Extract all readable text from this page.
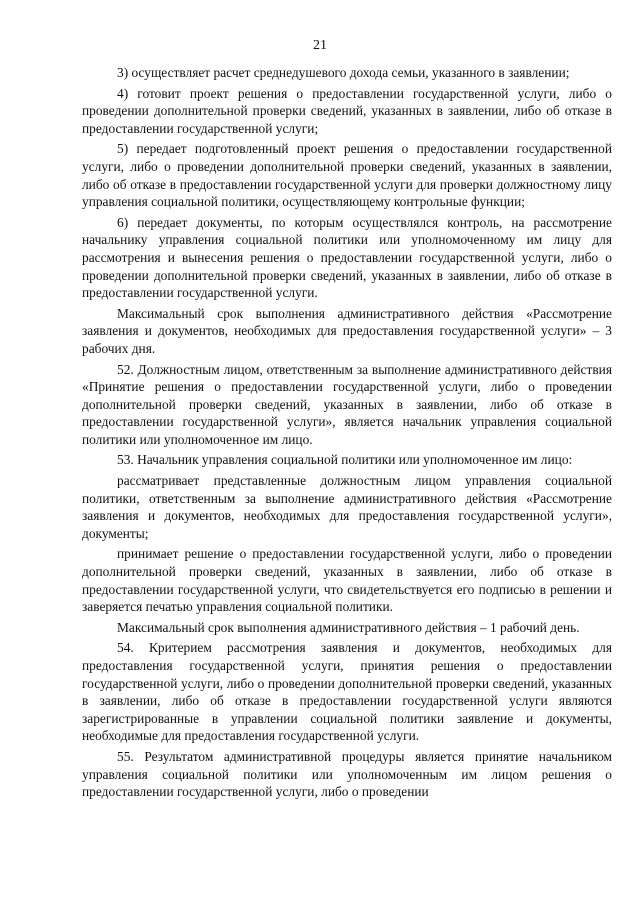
21

3) осуществляет расчет среднедушевого дохода семьи, указанного в заявлении;

4) готовит проект решения о предоставлении государственной услуги, либо о проведении дополнительной проверки сведений, указанных в заявлении, либо об отказе в предоставлении государственной услуги;

5) передает подготовленный проект решения о предоставлении государственной услуги, либо о проведении дополнительной проверки сведений, указанных в заявлении, либо об отказе в предоставлении государственной услуги для проверки должностному лицу управления социальной политики, осуществляющему контрольные функции;

6) передает документы, по которым осуществлялся контроль, на рассмотрение начальнику управления социальной политики или уполномоченному им лицу для рассмотрения и вынесения решения о предоставлении государственной услуги, либо о проведении дополнительной проверки сведений, указанных в заявлении, либо об отказе в предоставлении государственной услуги.

Максимальный срок выполнения административного действия «Рассмотрение заявления и документов, необходимых для предоставления государственной услуги» – 3 рабочих дня.

52. Должностным лицом, ответственным за выполнение административного действия «Принятие решения о предоставлении государственной услуги, либо о проведении дополнительной проверки сведений, указанных в заявлении, либо об отказе в предоставлении государственной услуги», является начальник управления социальной политики или уполномоченное им лицо.

53. Начальник управления социальной политики или уполномоченное им лицо:

рассматривает представленные должностным лицом управления социальной политики, ответственным за выполнение административного действия «Рассмотрение заявления и документов, необходимых для предоставления государственной услуги», документы;

принимает решение о предоставлении государственной услуги, либо о проведении дополнительной проверки сведений, указанных в заявлении, либо об отказе в предоставлении государственной услуги, что свидетельствуется его подписью в решении и заверяется печатью управления социальной политики.

Максимальный срок выполнения административного действия – 1 рабочий день.

54. Критерием рассмотрения заявления и документов, необходимых для предоставления государственной услуги, принятия решения о предоставлении государственной услуги, либо о проведении дополнительной проверки сведений, указанных в заявлении, либо об отказе в предоставлении государственной услуги являются зарегистрированные в управлении социальной политики заявление и документы, необходимые для предоставления государственной услуги.

55. Результатом административной процедуры является принятие начальником управления социальной политики или уполномоченным им лицом решения о предоставлении государственной услуги, либо о проведении
